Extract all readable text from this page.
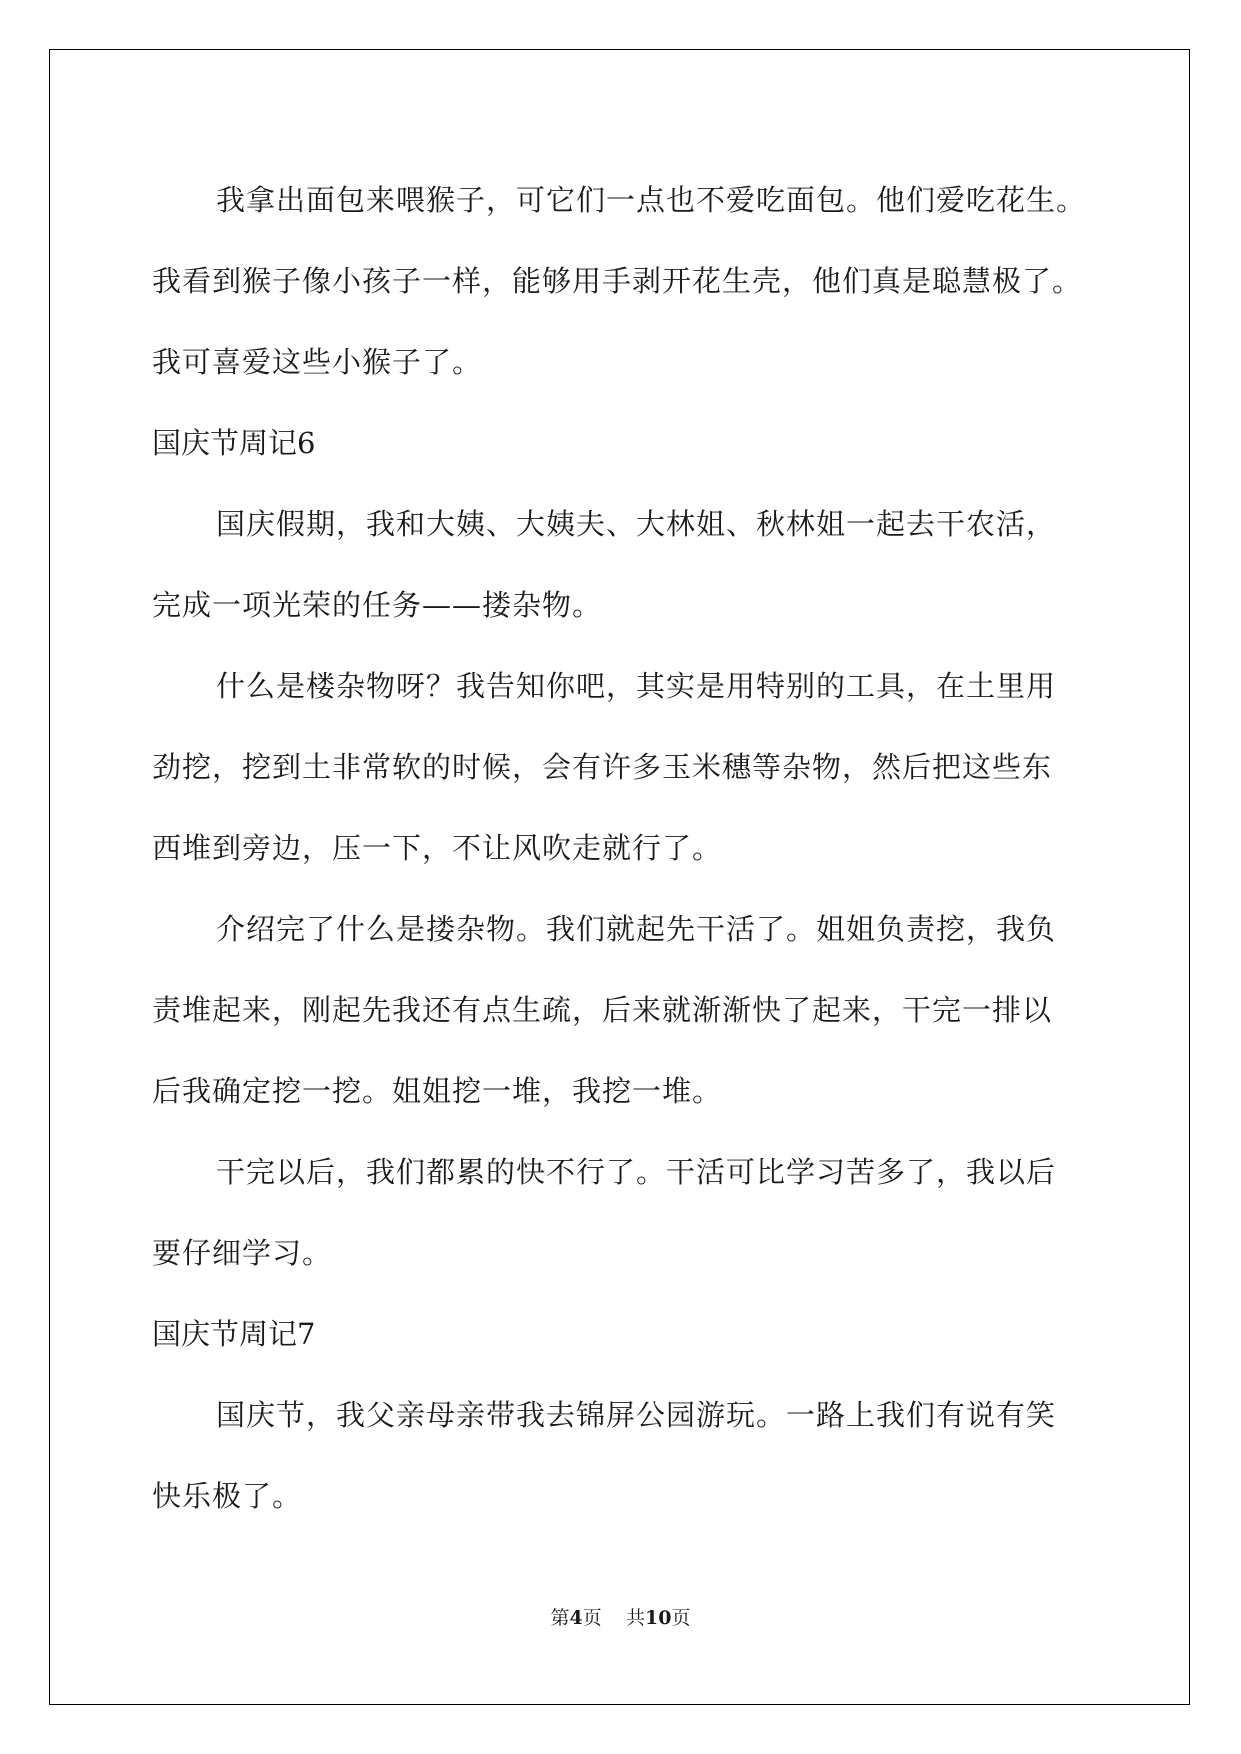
我拿出面包来喂猴子，可它们一点也不爱吃面包。他们爱吃花生。
我看到猴子像小孩子一样，能够用手剥开花生壳，他们真是聪慧极了。
我可喜爱这些小猴子了。
国庆节周记6
国庆假期，我和大姨、大姨夫、大林姐、秋林姐一起去干农活，
完成一项光荣的任务——搂杂物。
什么是楼杂物呀？我告知你吧，其实是用特别的工具，在土里用
劲挖，挖到土非常软的时候，会有许多玉米穗等杂物，然后把这些东
西堆到旁边，压一下，不让风吹走就行了。
介绍完了什么是搂杂物。我们就起先干活了。姐姐负责挖，我负
责堆起来，刚起先我还有点生疏，后来就渐渐快了起来，干完一排以
后我确定挖一挖。姐姐挖一堆，我挖一堆。
干完以后，我们都累的快不行了。干活可比学习苦多了，我以后
要仔细学习。
国庆节周记7
国庆节，我父亲母亲带我去锦屏公园游玩。一路上我们有说有笑
快乐极了。
第4页 共10页
